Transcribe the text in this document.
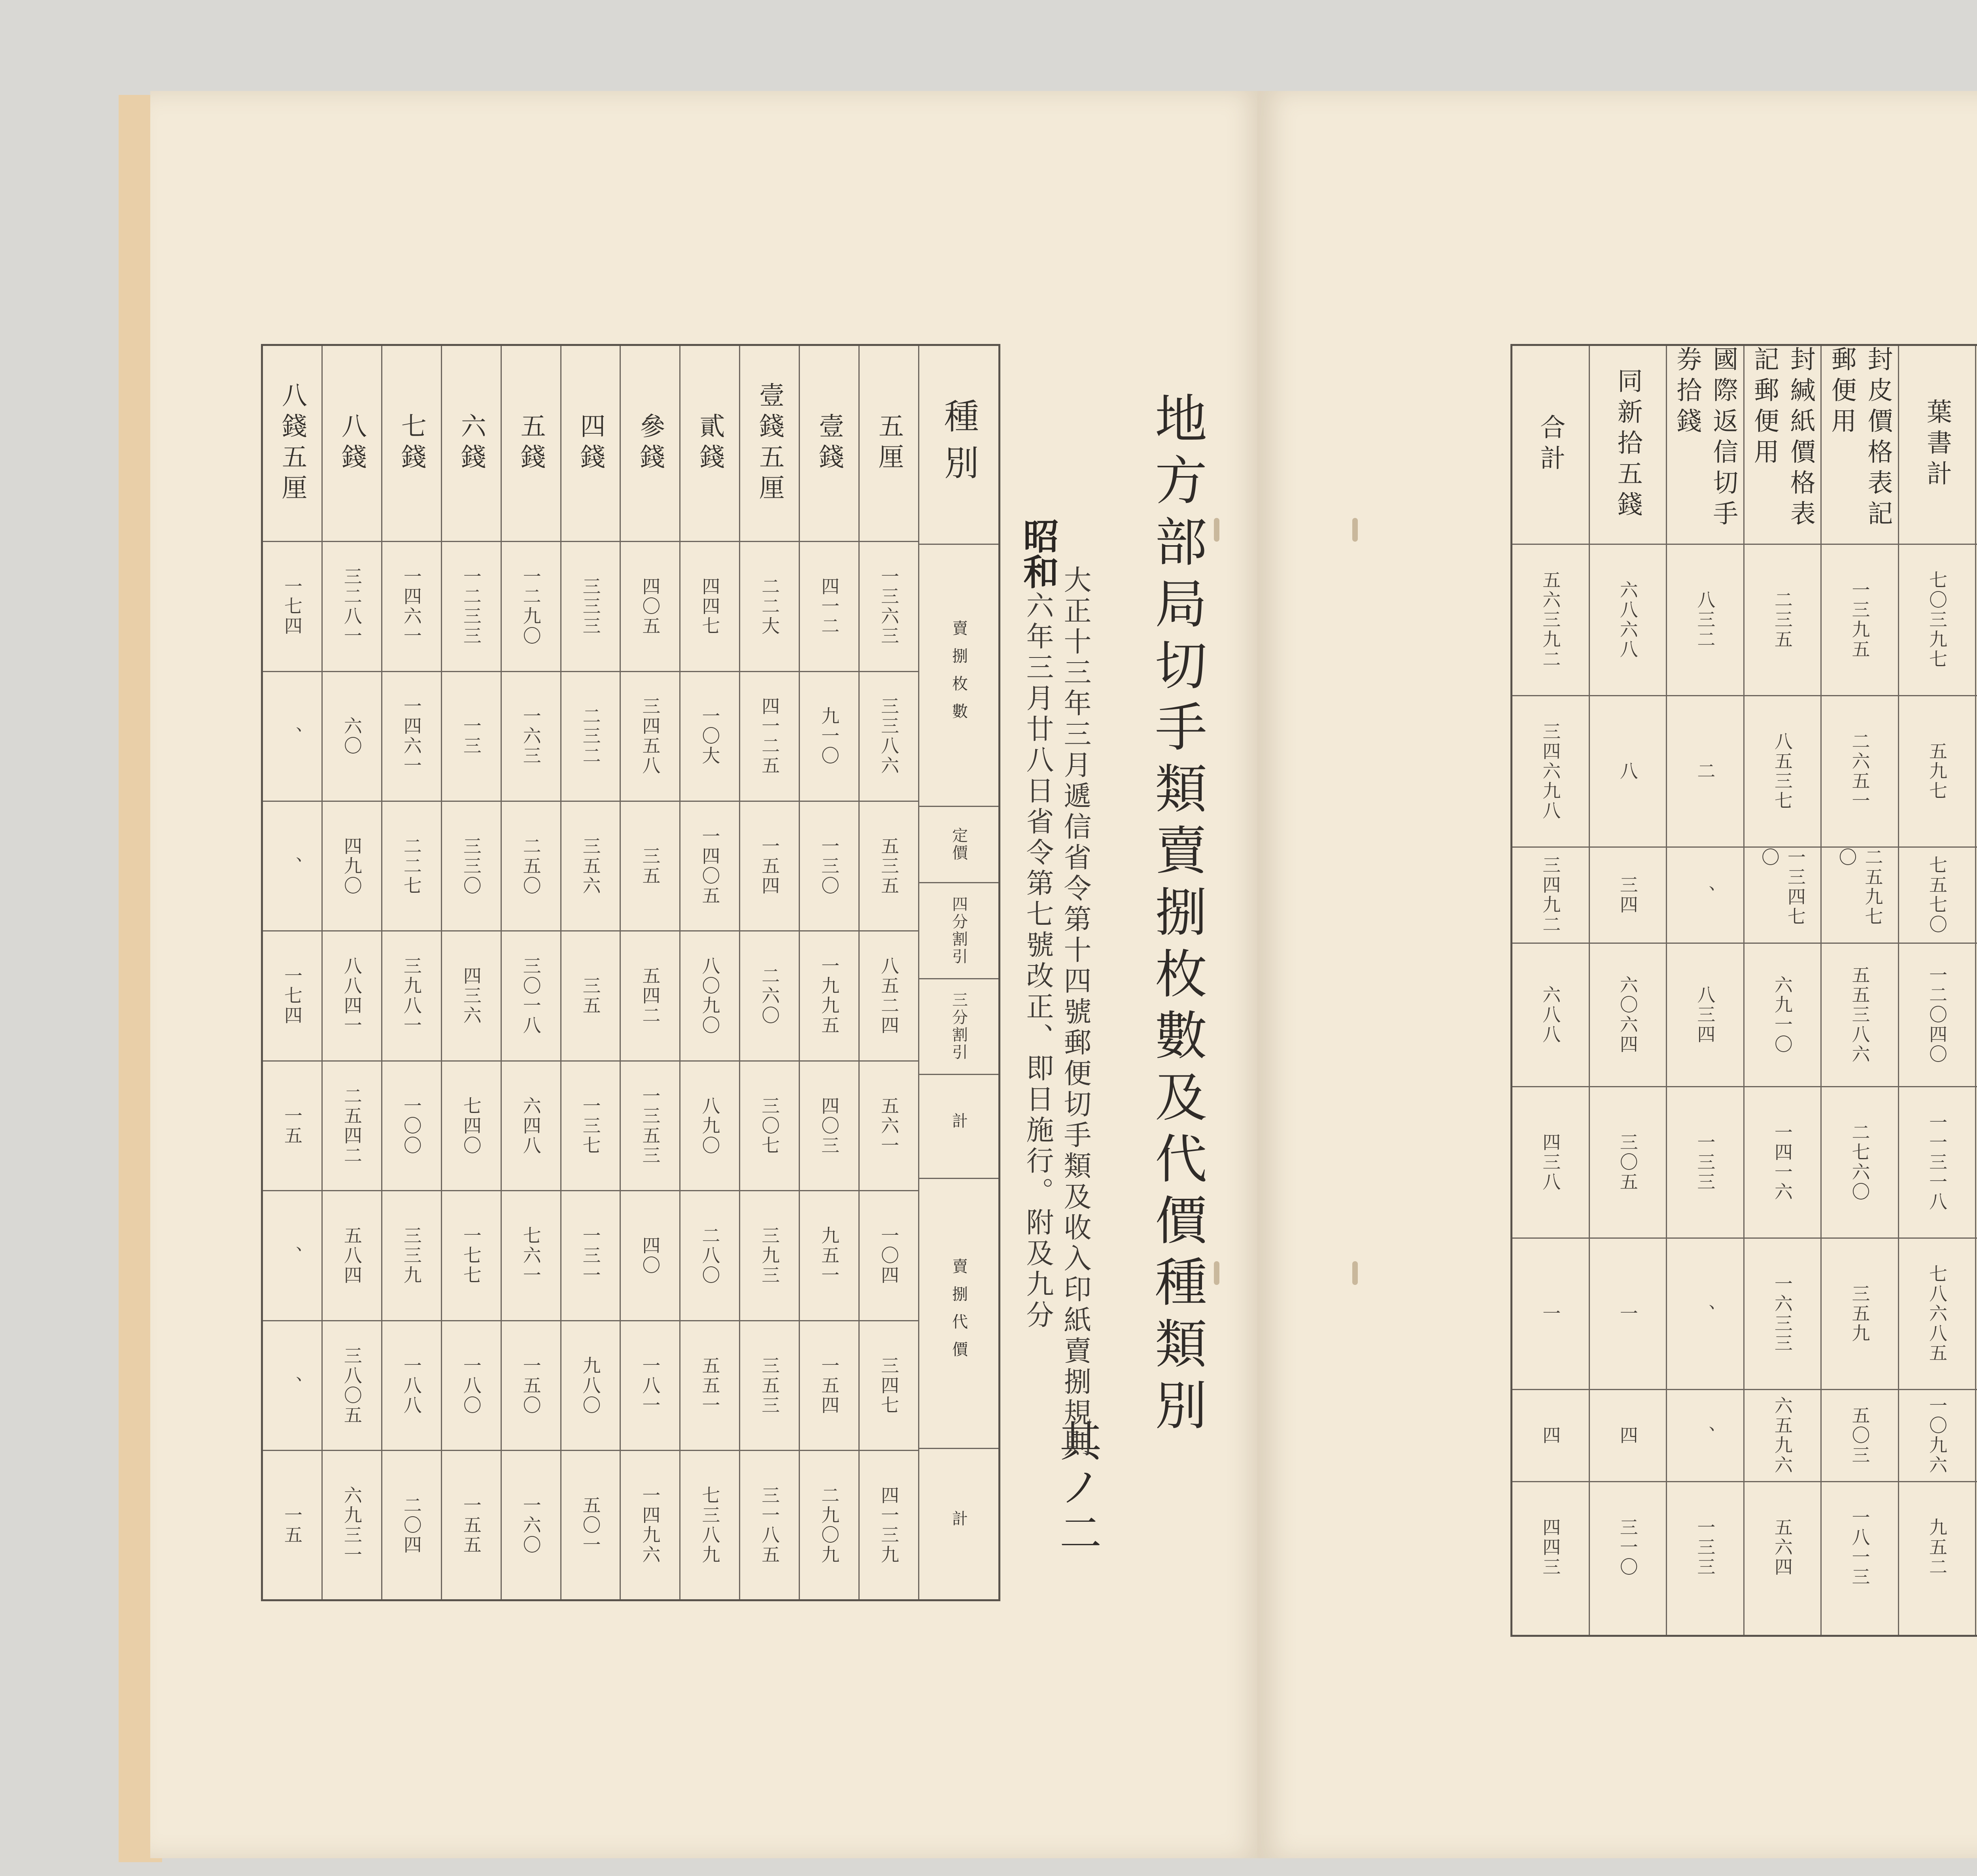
種別
賣捌枚數
定價
四分割引
三分割引
計
賣捌代價
計
五厘
一三六三
三三八六
五三五
八五二四
五六一
一〇四
三四七
四一三九
壹錢
四一二
九一〇
一三〇
一九九五
四〇三
九五一
一五四
二九〇九
壹錢五厘
二二大
四一二五
一五四
二六〇
三〇七
三九三
三五三
三一八五
貳錢
四四七
一〇大
一四〇五
八〇九〇
八九〇
二八〇
五五一
七三八九
參錢
四〇五
三四五八
三五
五四二
一三五三
四〇
一八一
一四九六
四錢
三三三
二三二
三五六
三五
一三七
一三一
九八〇
五〇一
五錢
一二九〇
一六三
二五〇
三〇一八
六四八
七六一
一五〇
一六〇
六錢
一二三三
一三
三三〇
四三六
七四〇
一七七
一八〇
一五五
七錢
一四六一
一四六一
二二七
三九八一
一〇〇
三三九
一八八
二〇四
八錢
三二八一
六〇
四九〇
八八四一
二五四二
五八四
三八〇五
六九三一
八錢五厘
一七四
、
、
一七四
一五
、
、
一五
地方部局切手類賣捌枚數及代價種類別
其ノ二
大正十三年三月遞信省令第十四號郵便切手類及收入印紙賣捌規則
昭和 六年三月廿八日省令第七號改正、即日施行。附及九分
葉書計
七〇三九七
五九七
七五七〇
一二〇四〇
一一三一八
七八六八五
一〇九六
九五二
封皮價格表記郵便用
一三九五
二六五一
二五九七〇
五五三八六
二七六〇
三五九
五〇三
一八一三
封緘紙價格表記郵便用
二三五
八五三七
一三四七〇
六九一〇
一四一六
一六三三
六五九六
五六四
國際返信切手券拾錢
八三二
二
、
八三四
一三三
、
、
一三三
同新拾五錢
六八六八
八
三四
六〇六四
三〇五
一
四
三一〇
合計
五六三九二
三四六九八
三四九二
六八八
四三八
一
四
四四三
